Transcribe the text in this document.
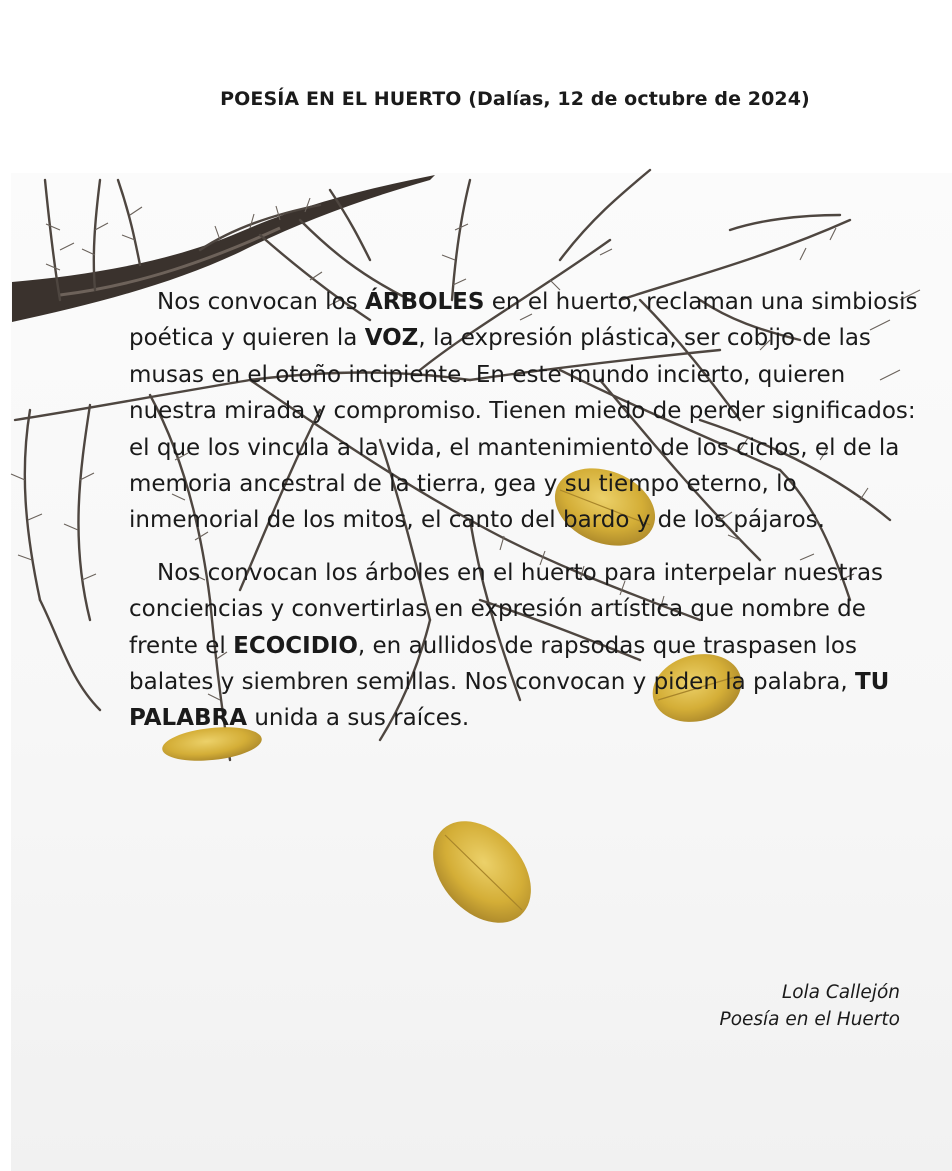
POESÍA EN EL HUERTO (Dalías, 12 de octubre de 2024)

Nos convocan los ÁRBOLES en el huerto, reclaman una simbiosis poética y quieren la VOZ, la expresión plástica, ser cobijo de las musas en el otoño incipiente. En este mundo incierto, quieren nuestra mirada y compromiso. Tienen miedo de perder significados: el que los vincula a la vida, el mantenimiento de los ciclos, el de la memoria ancestral de la tierra, gea y su tiempo eterno, lo inmemorial de los mitos, el canto del bardo y de los pájaros.

Nos convocan los árboles en el huerto para interpelar nuestras conciencias y convertirlas en expresión artística que nombre de frente el ECOCIDIO, en aullidos de rapsodas que traspasen los balates y siembren semillas. Nos convocan y piden la palabra, TU PALABRA unida a sus raíces.

Lola Callejón
Poesía en el Huerto
